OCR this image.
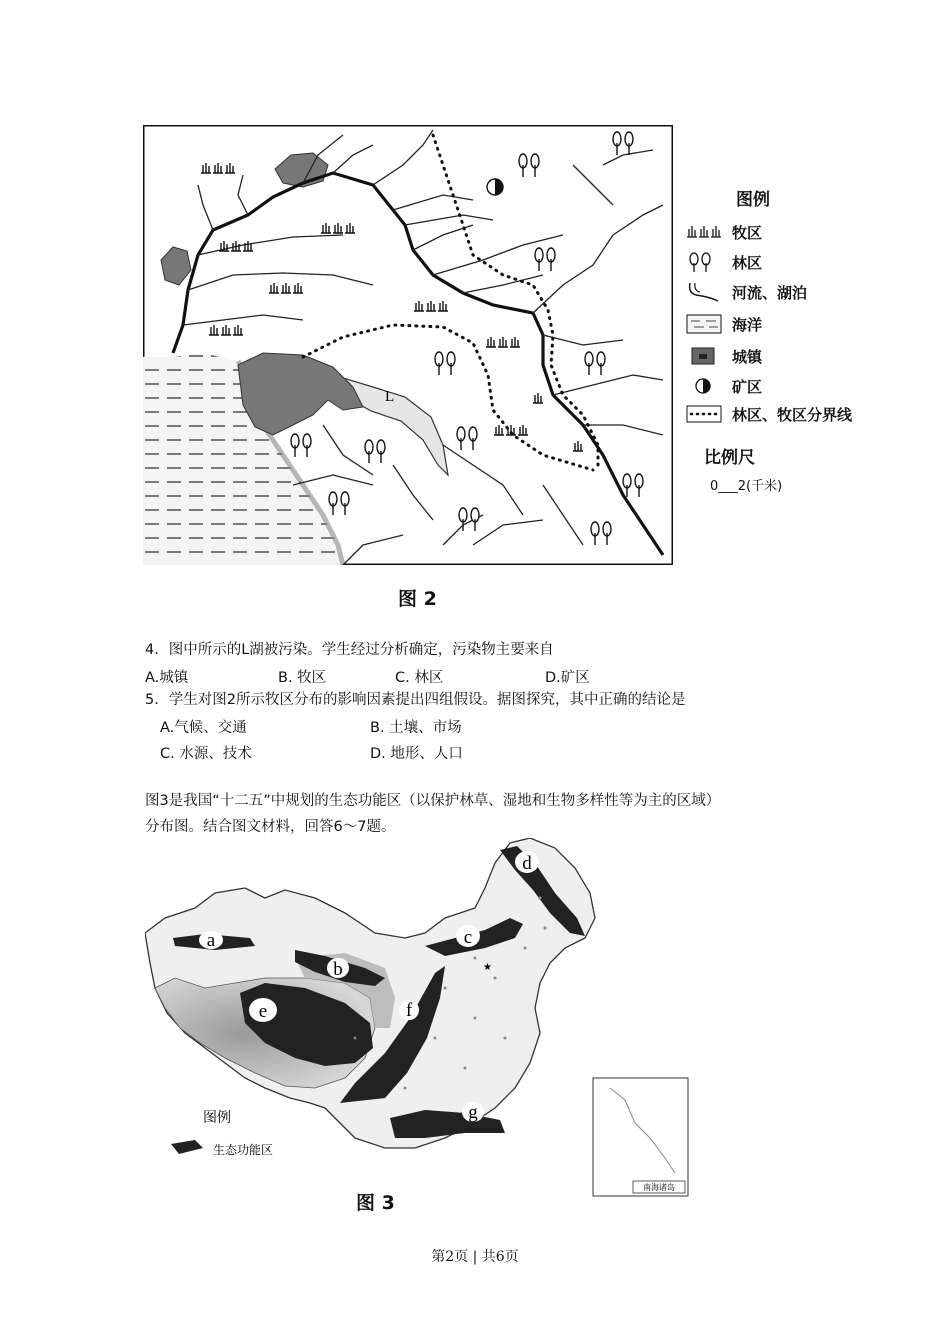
L
图例
牧区
林区
河流、湖泊
海洋
城镇
矿区
林区、牧区分界线
比例尺
0___2(千米)
图 2
4．图中所示的L湖被污染。学生经过分析确定，污染物主要来自
A.城镇	B. 牧区	C. 林区	D.矿区
5．学生对图2所示牧区分布的影响因素提出四组假设。据图探究，其中正确的结论是
A.气候、交通	B. 土壤、市场
C. 水源、技术	D. 地形、人口
图3是我国“十二五”中规划的生态功能区（以保护林草、湿地和生物多样性等为主的区域）
分布图。结合图文材料，回答6～7题。
a
b
c
d
e	f
g
★
南海诸岛
图例
生态功能区
图 3
第2页 | 共6页
